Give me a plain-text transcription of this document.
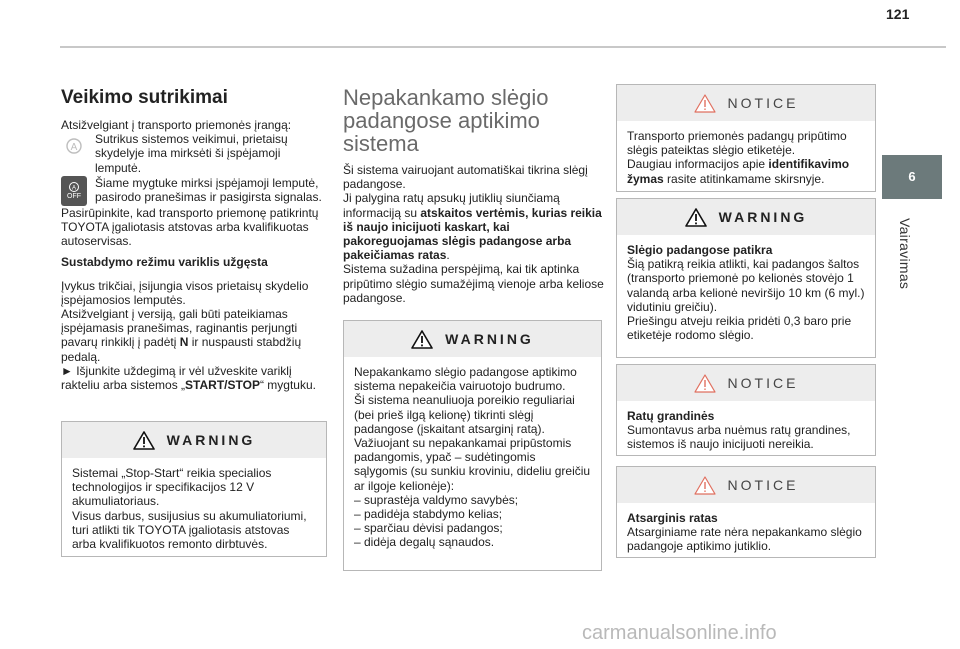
121
6
Vairavimas
Veikimo sutrikimai

Atsižvelgiant į transporto priemonės įrangą:

A

Sutrikus sistemos veikimui, prietaisų skydelyje ima mirksėti ši įspėjamoji lemputė.

A
OFF

Šiame mygtuke mirksi įspėjamoji lemputė, pasirodo pranešimas ir pasigirsta signalas.

Pasirūpinkite, kad transporto priemonę patikrintų TOYOTA įgaliotasis atstovas arba kvalifikuotas autoservisas.

Sustabdymo režimu variklis užgęsta

Įvykus trikčiai, įsijungia visos prietaisų skydelio įspėjamosios lemputės.

Atsižvelgiant į versiją, gali būti pateikiamas įspėjamasis pranešimas, raginantis perjungti pavarų rinkiklį į padėtį N ir nuspausti stabdžių pedalą.

► Išjunkite uždegimą ir vėl užveskite variklį rakteliu arba sistemos „START/STOP“ mygtuku.

WARNING

Sistemai „Stop-Start“ reikia specialios technologijos ir specifikacijos 12 V akumuliatoriaus.
Visus darbus, susijusius su akumuliatoriumi, turi atlikti tik TOYOTA įgaliotasis atstovas arba kvalifikuotos remonto dirbtuvės.

Nepakankamo slėgio padangose aptikimo sistema

Ši sistema vairuojant automatiškai tikrina slėgį padangose.

Ji palygina ratų apsukų jutiklių siunčiamą informaciją su atskaitos vertėmis, kurias reikia iš naujo inicijuoti kaskart, kai pakoreguojamas slėgis padangose arba pakeičiamas ratas.

Sistema sužadina perspėjimą, kai tik aptinka pripūtimo slėgio sumažėjimą vienoje arba keliose padangose.

WARNING

Nepakankamo slėgio padangose aptikimo sistema nepakeičia vairuotojo budrumo.
Ši sistema neanuliuoja poreikio reguliariai (bei prieš ilgą kelionę) tikrinti slėgį padangose (įskaitant atsarginį ratą).
Važiuojant su nepakankamai pripūstomis padangomis, ypač – sudėtingomis sąlygomis (su sunkiu kroviniu, dideliu greičiu ar ilgoje kelionėje):
– suprastėja valdymo savybės;
– padidėja stabdymo kelias;
– sparčiau dėvisi padangos;
– didėja degalų sąnaudos.

NOTICE

Transporto priemonės padangų pripūtimo slėgis pateiktas slėgio etiketėje.
Daugiau informacijos apie identifikavimo žymas rasite atitinkamame skirsnyje.

WARNING

Slėgio padangose patikra

Šią patikrą reikia atlikti, kai padangos šaltos (transporto priemonė po kelionės stovėjo 1 valandą arba kelionė neviršijo 10 km (6 myl.) vidutiniu greičiu).
Priešingu atveju reikia pridėti 0,3 baro prie etiketėje rodomo slėgio.

NOTICE

Ratų grandinės

Sumontavus arba nuėmus ratų grandines, sistemos iš naujo inicijuoti nereikia.

NOTICE

Atsarginis ratas

Atsarginiame rate nėra nepakankamo slėgio padangoje aptikimo jutiklio.

carmanualsonline.info
